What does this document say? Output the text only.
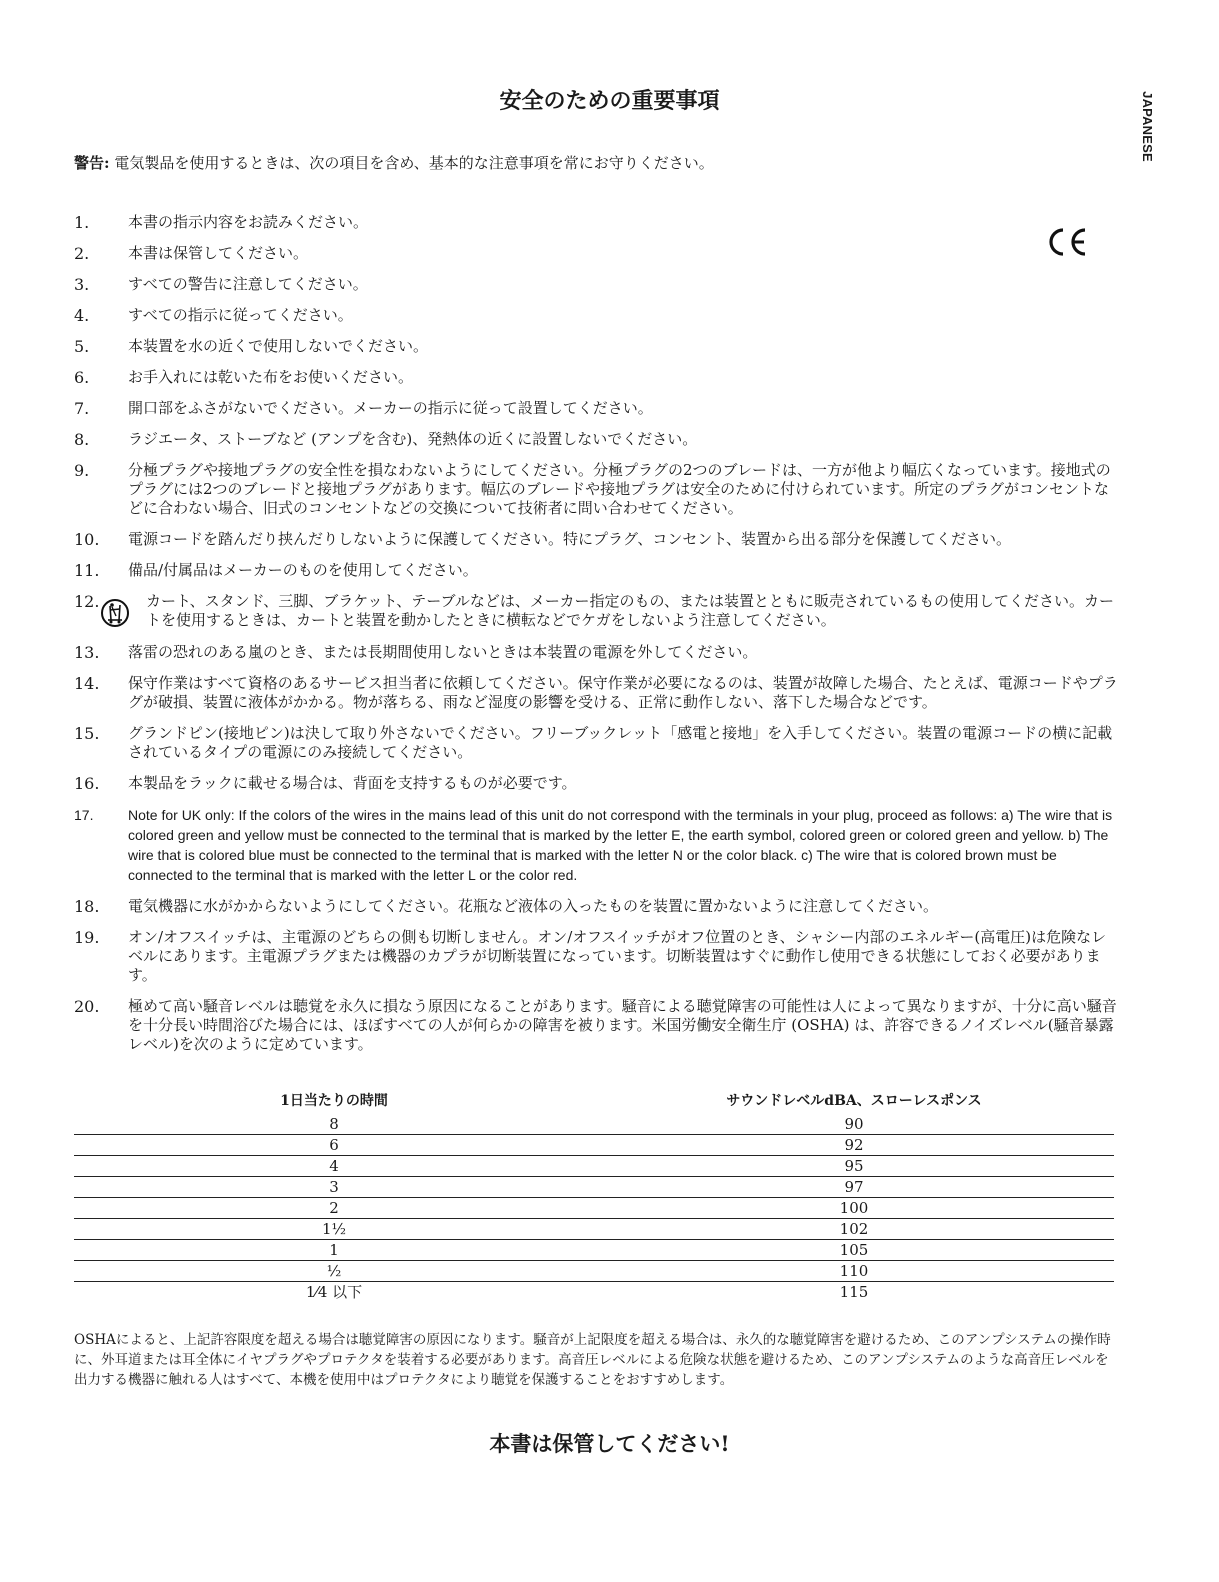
JAPANESE
安全のための重要事項

警告: 電気製品を使用するときは、次の項目を含め、基本的な注意事項を常にお守りください。

1.	本書の指示内容をお読みください。
2.	本書は保管してください。
3.	すべての警告に注意してください。
4.	すべての指示に従ってください。
5.	本装置を水の近くで使用しないでください。
6.	お手入れには乾いた布をお使いください。
7.	開口部をふさがないでください。メーカーの指示に従って設置してください。
8.	ラジエータ、ストーブなど (アンプを含む)、発熱体の近くに設置しないでください。
9.	分極プラグや接地プラグの安全性を損なわないようにしてください。分極プラグの2つのブレードは、一方が他より幅広くなっています。接地式のプラグには2つのブレードと接地プラグがあります。幅広のブレードや接地プラグは安全のために付けられています。所定のプラグがコンセントなどに合わない場合、旧式のコンセントなどの交換について技術者に問い合わせてください。
10.	電源コードを踏んだり挟んだりしないように保護してください。特にプラグ、コンセント、装置から出る部分を保護してください。
11.	備品/付属品はメーカーのものを使用してください。
12.	カート、スタンド、三脚、ブラケット、テーブルなどは、メーカー指定のもの、または装置とともに販売されているもの使用してください。カートを使用するときは、カートと装置を動かしたときに横転などでケガをしないよう注意してください。
13.	落雷の恐れのある嵐のとき、または長期間使用しないときは本装置の電源を外してください。
14.	保守作業はすべて資格のあるサービス担当者に依頼してください。保守作業が必要になるのは、装置が故障した場合、たとえば、電源コードやプラグが破損、装置に液体がかかる。物が落ちる、雨など湿度の影響を受ける、正常に動作しない、落下した場合などです。
15.	グランドピン(接地ピン)は決して取り外さないでください。フリーブックレット「感電と接地」を入手してください。装置の電源コードの横に記載されているタイプの電源にのみ接続してください。
16.	本製品をラックに載せる場合は、背面を支持するものが必要です。
17.	Note for UK only: If the colors of the wires in the mains lead of this unit do not correspond with the terminals in your plug, proceed as follows: a) The wire that is colored green and yellow must be connected to the terminal that is marked by the letter E, the earth symbol, colored green or colored green and yellow. b) The wire that is colored blue must be connected to the terminal that is marked with the letter N or the color black. c) The wire that is colored brown must be connected to the terminal that is marked with the letter L or the color red.
18.	電気機器に水がかからないようにしてください。花瓶など液体の入ったものを装置に置かないように注意してください。
19.	オン/オフスイッチは、主電源のどちらの側も切断しません。オン/オフスイッチがオフ位置のとき、シャシー内部のエネルギー(高電圧)は危険なレベルにあります。主電源プラグまたは機器のカプラが切断装置になっています。切断装置はすぐに動作し使用できる状態にしておく必要があります。
20.	極めて高い騒音レベルは聴覚を永久に損なう原因になることがあります。騒音による聴覚障害の可能性は人によって異なりますが、十分に高い騒音を十分長い時間浴びた場合には、ほぼすべての人が何らかの障害を被ります。米国労働安全衛生庁 (OSHA) は、許容できるノイズレベル(騒音暴露レベル)を次のように定めています。
1日当たりの時間	サウンドレベルdBA、スローレスポンス
8	90
6	92
4	95
3	97
2	100
1½	102
1	105
½	110
1⁄4 以下	115

OSHAによると、上記許容限度を超える場合は聴覚障害の原因になります。騒音が上記限度を超える場合は、永久的な聴覚障害を避けるため、このアンプシステムの操作時に、外耳道または耳全体にイヤプラグやプロテクタを装着する必要があります。高音圧レベルによる危険な状態を避けるため、このアンプシステムのような高音圧レベルを出力する機器に触れる人はすべて、本機を使用中はプロテクタにより聴覚を保護することをおすすめします。

本書は保管してください!
